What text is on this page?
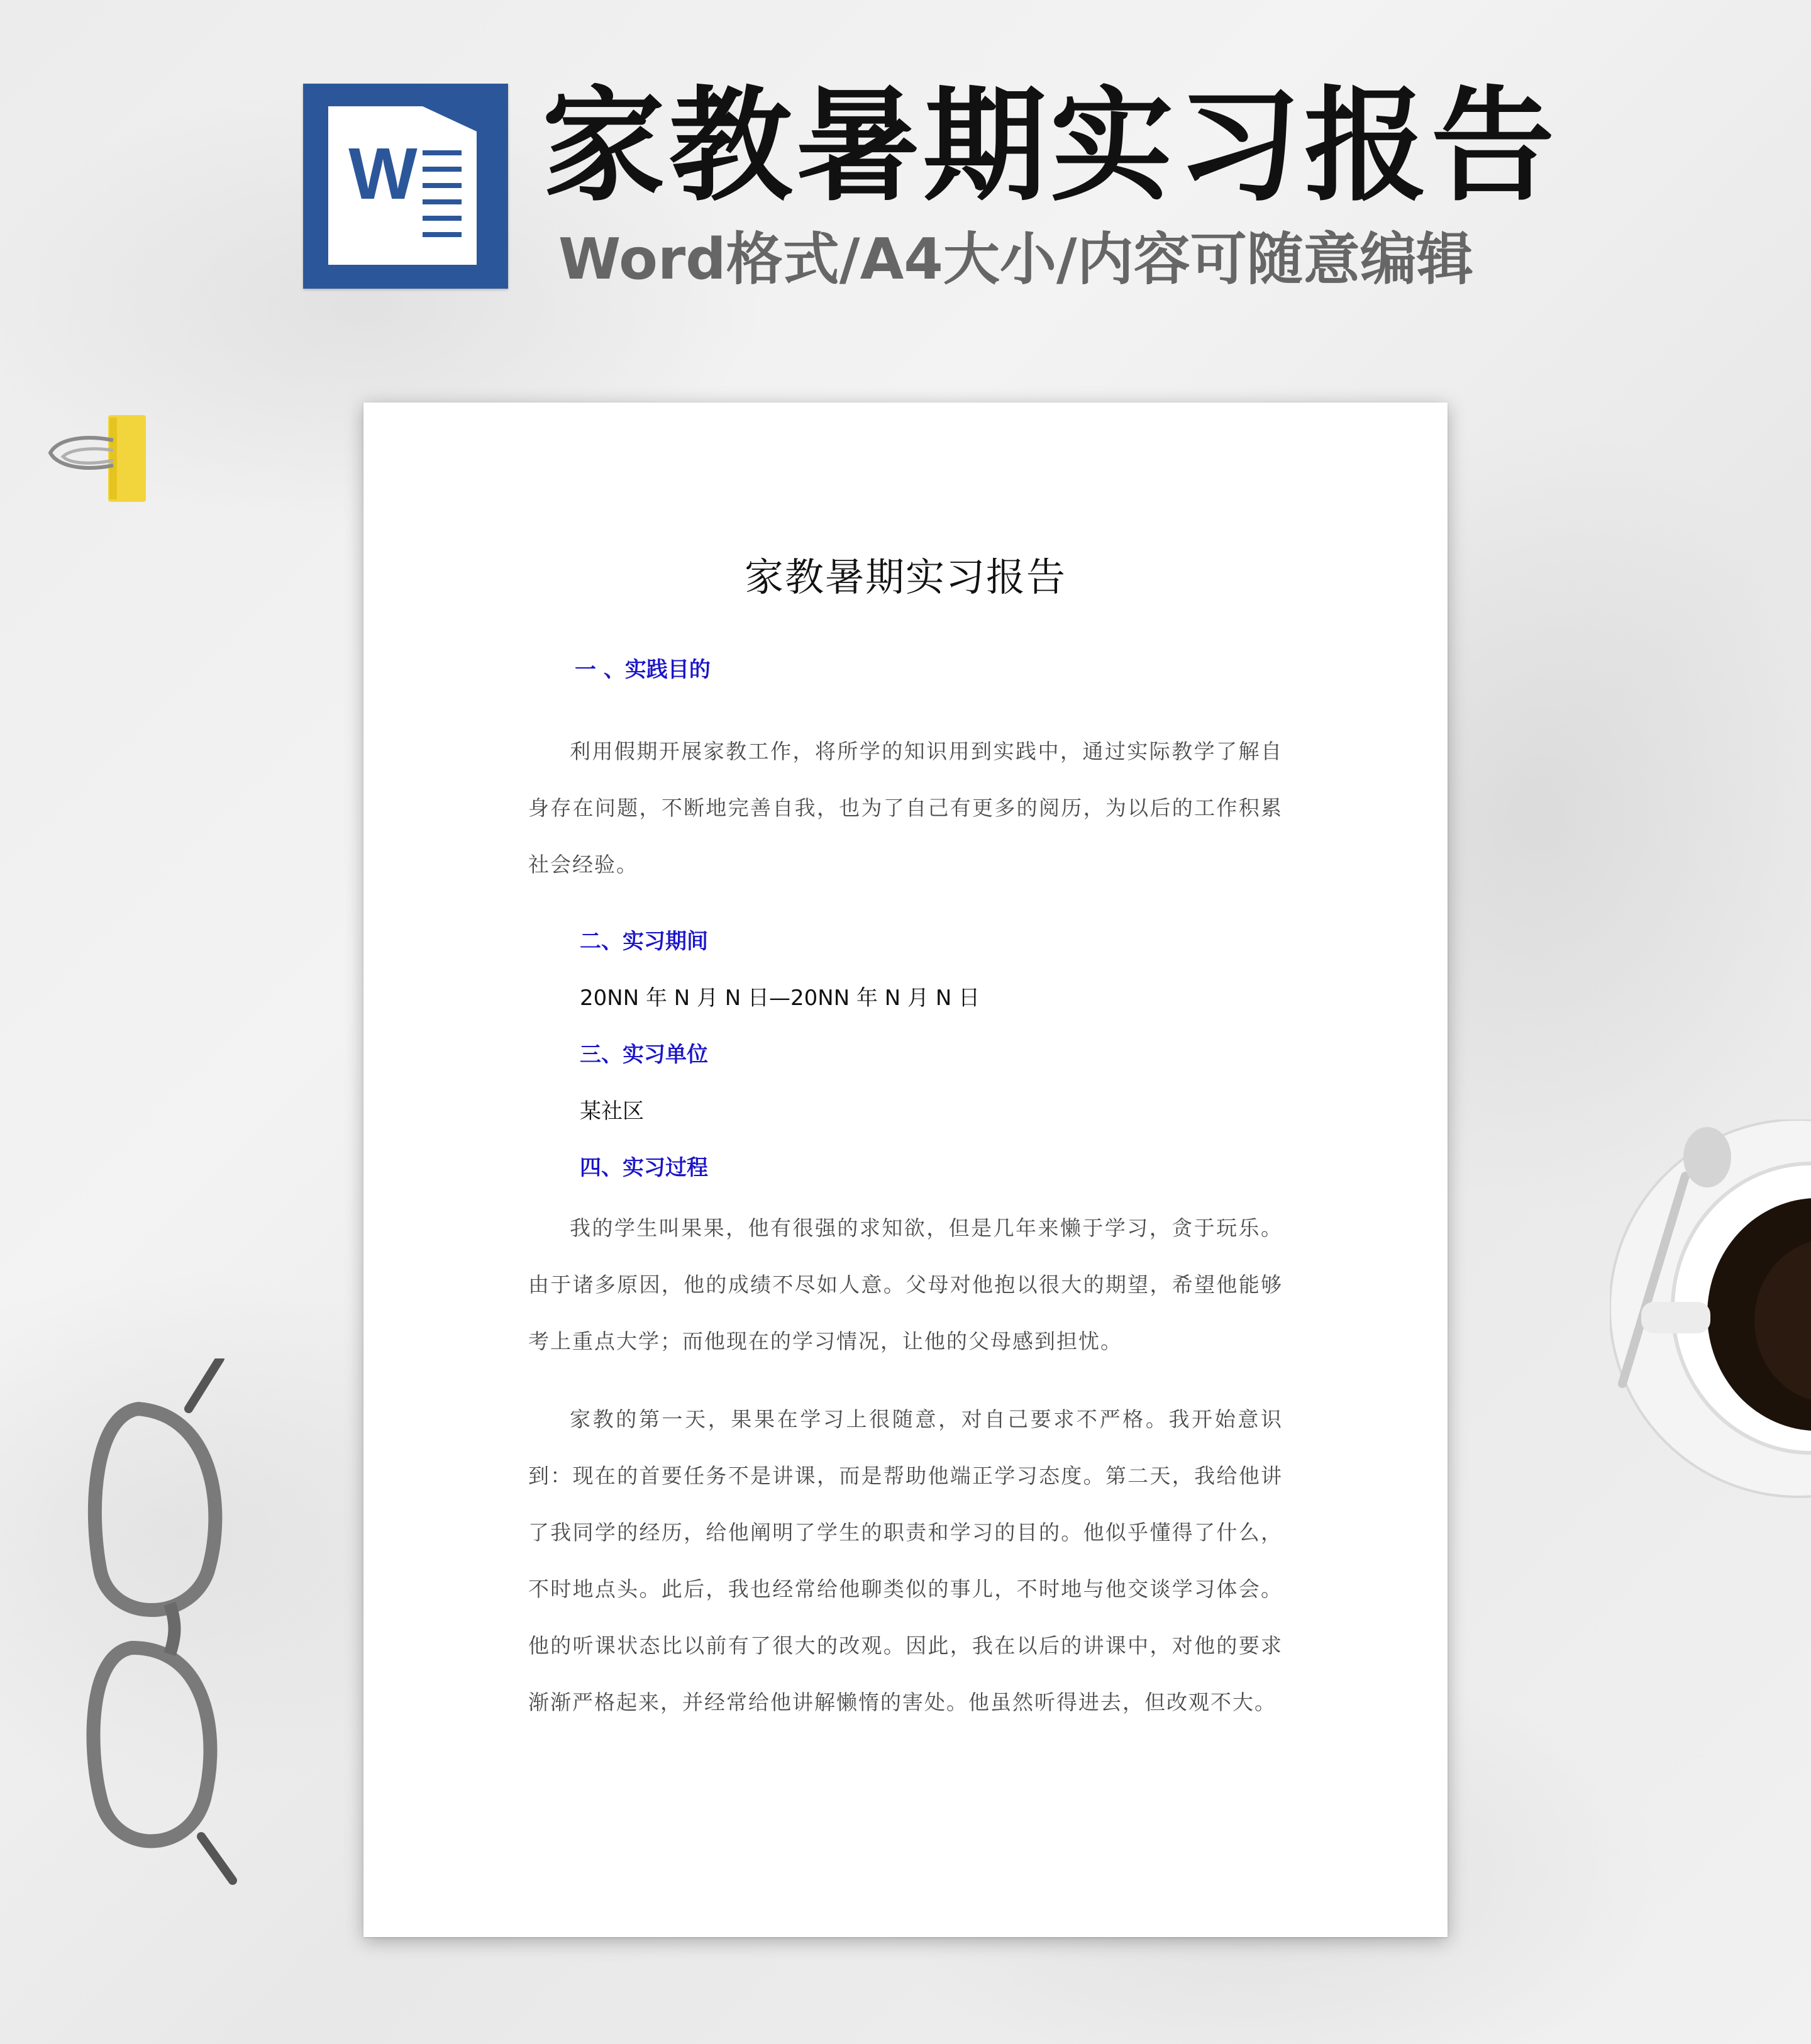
W 家教暑期实习报告
Word格式/A4大小/内容可随意编辑
家教暑期实习报告
一 、实践目的
利用假期开展家教工作，将所学的知识用到实践中，通过实际教学了解自身存在问题，不断地完善自我，也为了自己有更多的阅历，为以后的工作积累社会经验。
二、实习期间
20NN 年 N 月 N 日—20NN 年 N 月 N 日
三、实习单位
某社区
四、实习过程
我的学生叫果果，他有很强的求知欲，但是几年来懒于学习，贪于玩乐。由于诸多原因，他的成绩不尽如人意。父母对他抱以很大的期望，希望他能够考上重点大学；而他现在的学习情况，让他的父母感到担忧。
家教的第一天，果果在学习上很随意，对自己要求不严格。我开始意识到：现在的首要任务不是讲课，而是帮助他端正学习态度。第二天，我给他讲了我同学的经历，给他阐明了学生的职责和学习的目的。他似乎懂得了什么，不时地点头。此后，我也经常给他聊类似的事儿，不时地与他交谈学习体会。他的听课状态比以前有了很大的改观。因此，我在以后的讲课中，对他的要求渐渐严格起来，并经常给他讲解懒惰的害处。他虽然听得进去，但改观不大。
